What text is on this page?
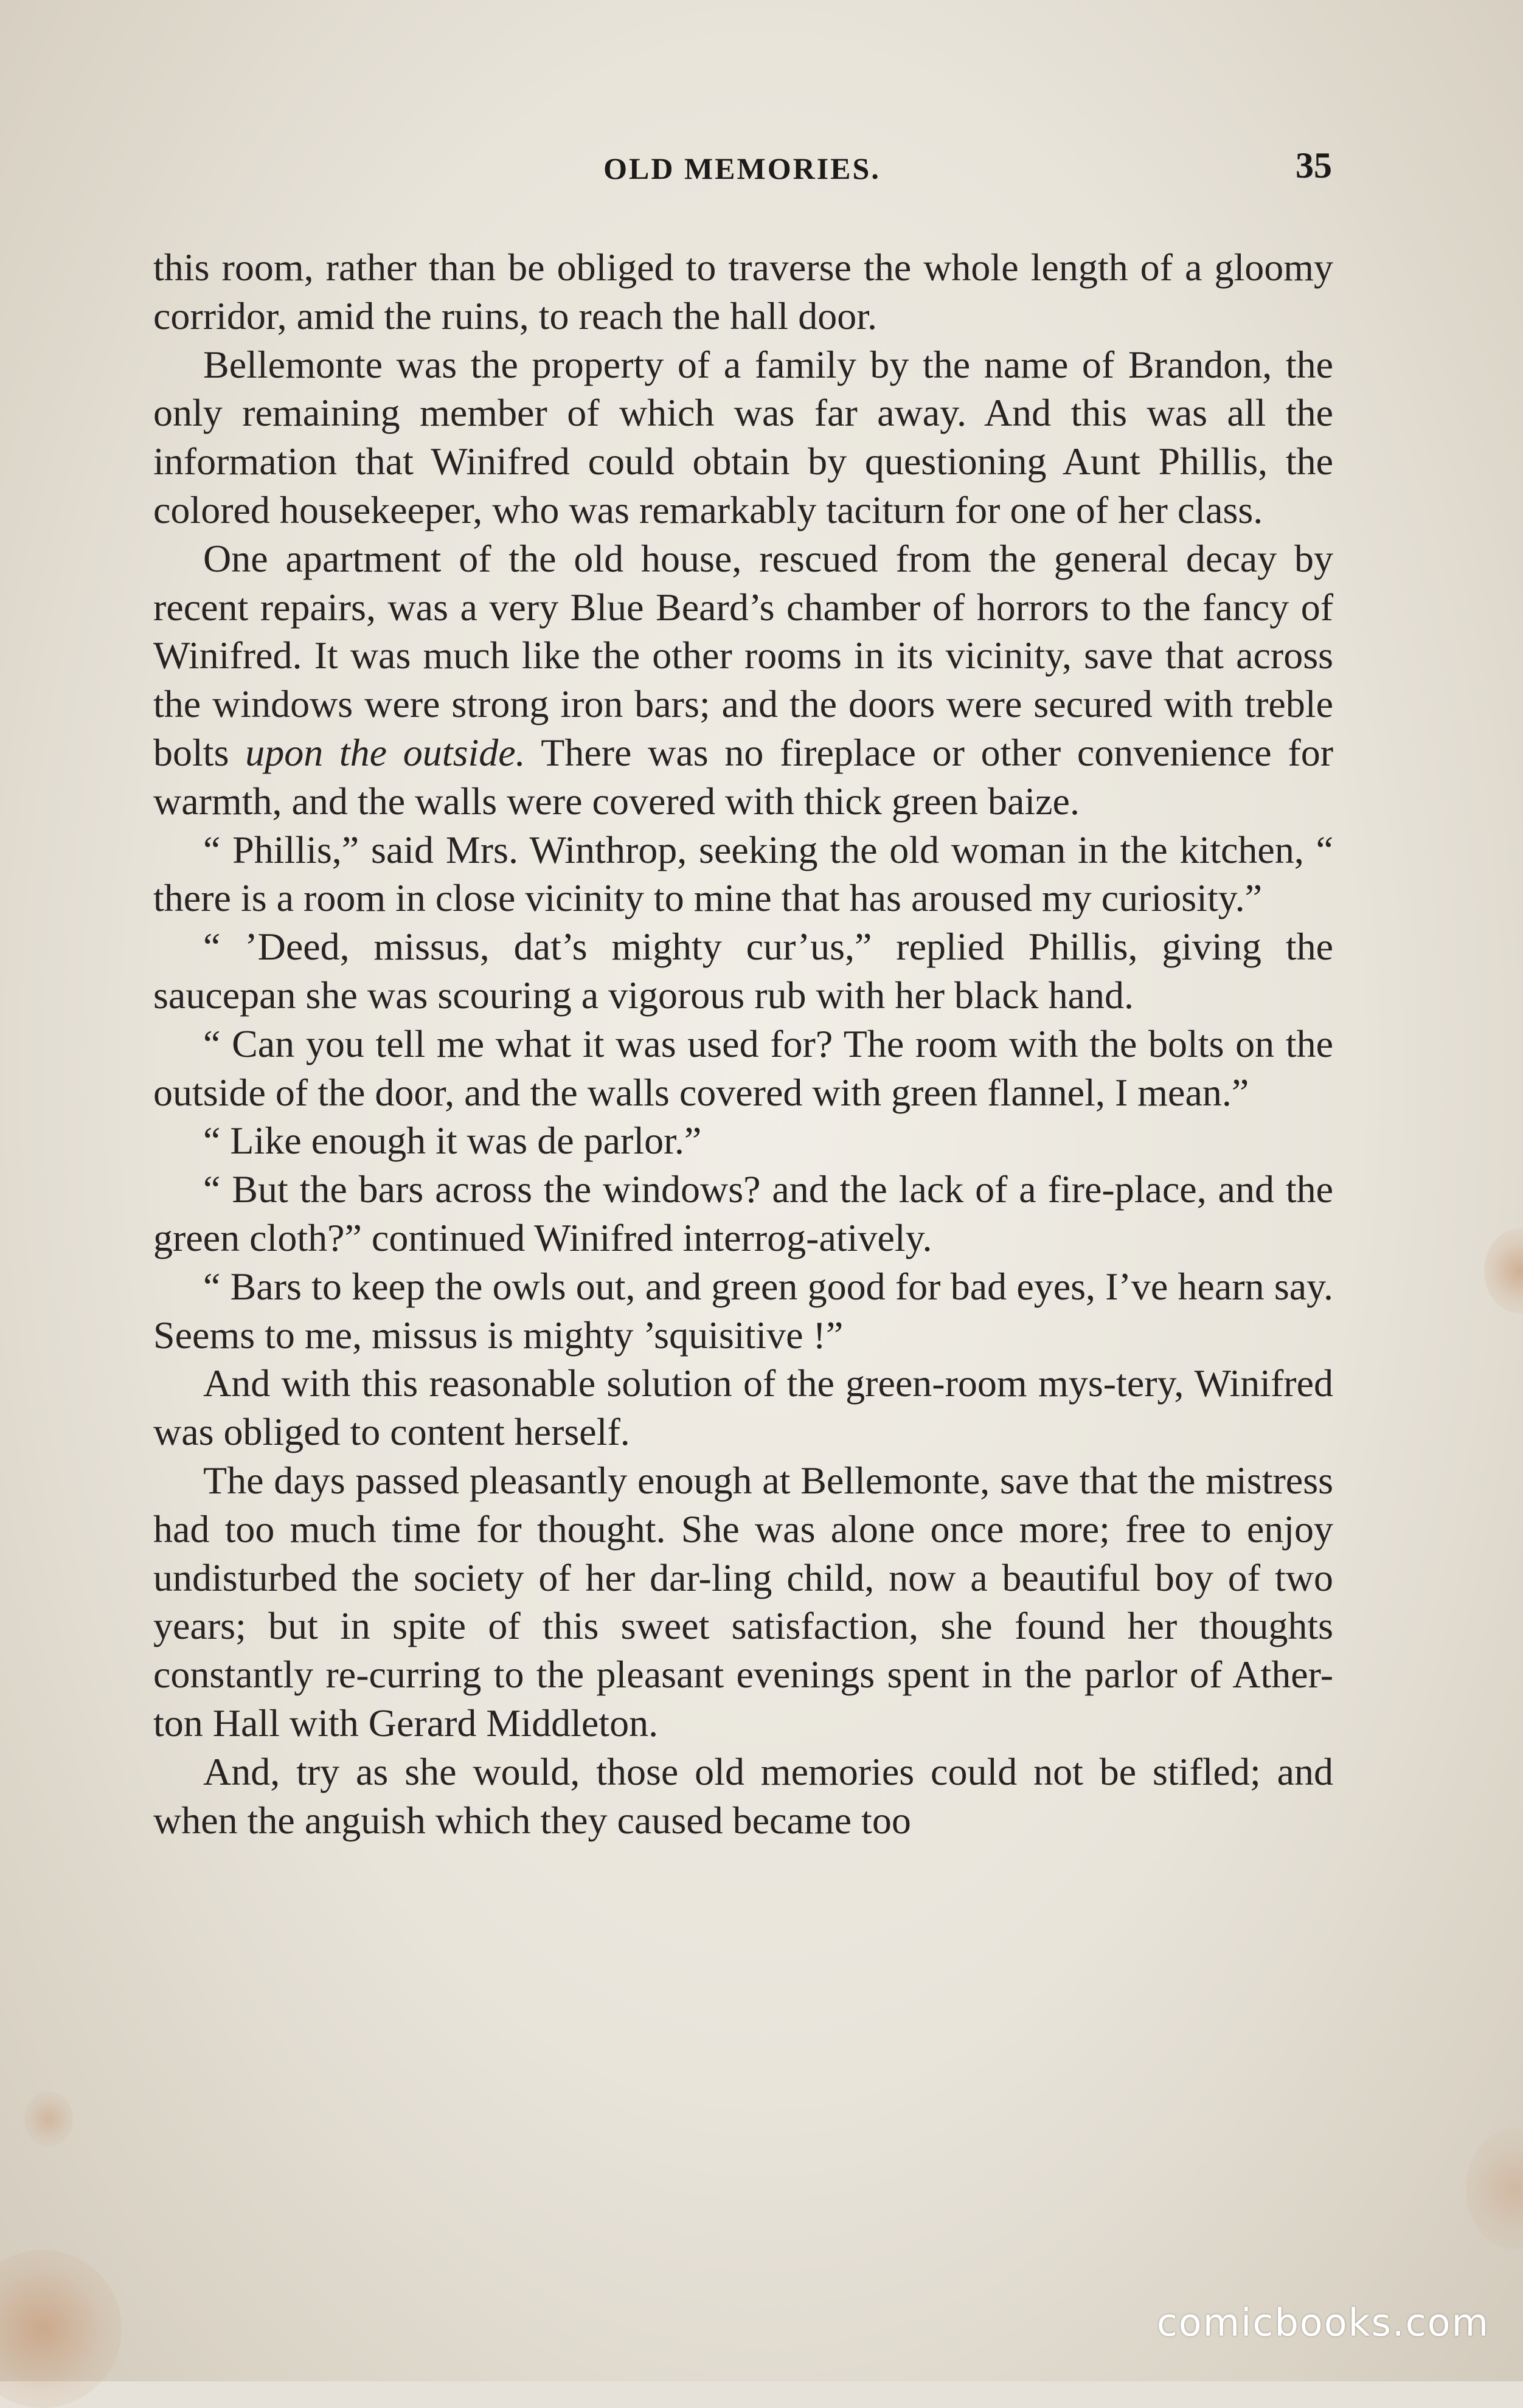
OLD MEMORIES.	35

this room, rather than be obliged to traverse the whole length of a gloomy corridor, amid the ruins, to reach the hall door.

Bellemonte was the property of a family by the name of Brandon, the only remaining member of which was far away. And this was all the information that Winifred could obtain by questioning Aunt Phillis, the colored housekeeper, who was remarkably taciturn for one of her class.

One apartment of the old house, rescued from the general decay by recent repairs, was a very Blue Beard’s chamber of horrors to the fancy of Winifred. It was much like the other rooms in its vicinity, save that across the windows were strong iron bars; and the doors were secured with treble bolts upon the outside. There was no fireplace or other convenience for warmth, and the walls were covered with thick green baize.

“ Phillis,” said Mrs. Winthrop, seeking the old woman in the kitchen, “ there is a room in close vicinity to mine that has aroused my curiosity.”

“ ’Deed, missus, dat’s mighty cur’us,” replied Phillis, giving the saucepan she was scouring a vigorous rub with her black hand.

“ Can you tell me what it was used for? The room with the bolts on the outside of the door, and the walls covered with green flannel, I mean.”

“ Like enough it was de parlor.”

“ But the bars across the windows? and the lack of a fire-place, and the green cloth?” continued Winifred interrog-atively.

“ Bars to keep the owls out, and green good for bad eyes, I’ve hearn say. Seems to me, missus is mighty ’squisitive !”

And with this reasonable solution of the green-room mys-tery, Winifred was obliged to content herself.

The days passed pleasantly enough at Bellemonte, save that the mistress had too much time for thought. She was alone once more; free to enjoy undisturbed the society of her dar-ling child, now a beautiful boy of two years; but in spite of this sweet satisfaction, she found her thoughts constantly re-curring to the pleasant evenings spent in the parlor of Ather-ton Hall with Gerard Middleton.

And, try as she would, those old memories could not be stifled; and when the anguish which they caused became too

comicbooks.com
